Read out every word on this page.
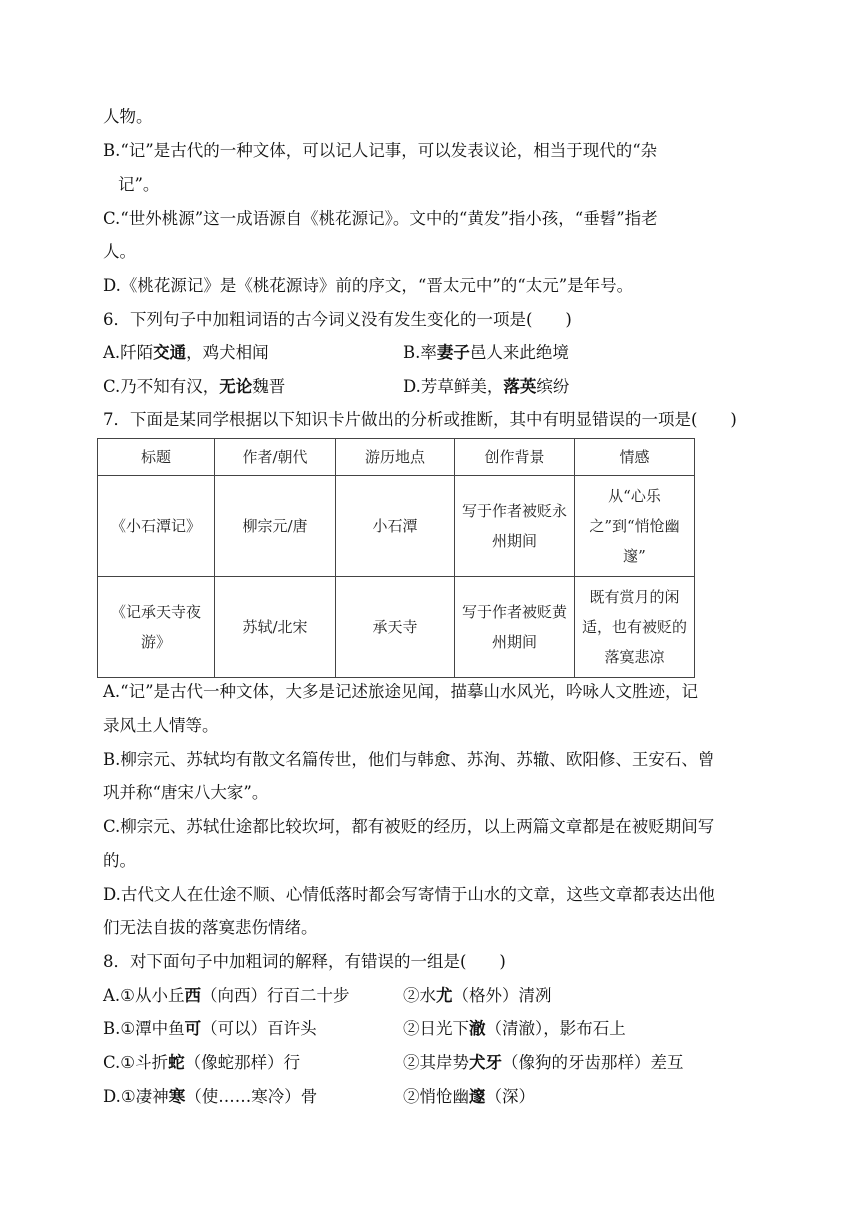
人物。
B.“记”是古代的一种文体，可以记人记事，可以发表议论，相当于现代的“杂
记”。
C.“世外桃源”这一成语源自《桃花源记》。文中的“黄发”指小孩，“垂髫”指老
人。
D.《桃花源记》是《桃花源诗》前的序文，“晋太元中”的“太元”是年号。
6．下列句子中加粗词语的古今词义没有发生变化的一项是(　　)
A.阡陌交通，鸡犬相闻	B.率妻子邑人来此绝境
C.乃不知有汉，无论魏晋	D.芳草鲜美，落英缤纷
7．下面是某同学根据以下知识卡片做出的分析或推断，其中有明显错误的一项是(　　)
标题	作者/朝代	游历地点	创作背景	情感
《小石潭记》	柳宗元/唐	小石潭	写于作者被贬永州期间	从“心乐之”到“悄怆幽邃”
《记承天寺夜游》	苏轼/北宋	承天寺	写于作者被贬黄州期间	既有赏月的闲适，也有被贬的落寞悲凉
A.“记”是古代一种文体，大多是记述旅途见闻，描摹山水风光，吟咏人文胜迹，记
录风土人情等。
B.柳宗元、苏轼均有散文名篇传世，他们与韩愈、苏洵、苏辙、欧阳修、王安石、曾
巩并称“唐宋八大家”。
C.柳宗元、苏轼仕途都比较坎坷，都有被贬的经历，以上两篇文章都是在被贬期间写
的。
D.古代文人在仕途不顺、心情低落时都会写寄情于山水的文章，这些文章都表达出他
们无法自拔的落寞悲伤情绪。
8．对下面句子中加粗词的解释，有错误的一组是(　　)
A.①从小丘西（向西）行百二十步	②水尤（格外）清冽
B.①潭中鱼可（可以）百许头	②日光下澈（清澈），影布石上
C.①斗折蛇（像蛇那样）行	②其岸势犬牙（像狗的牙齿那样）差互
D.①凄神寒（使……寒冷）骨	②悄怆幽邃（深）
